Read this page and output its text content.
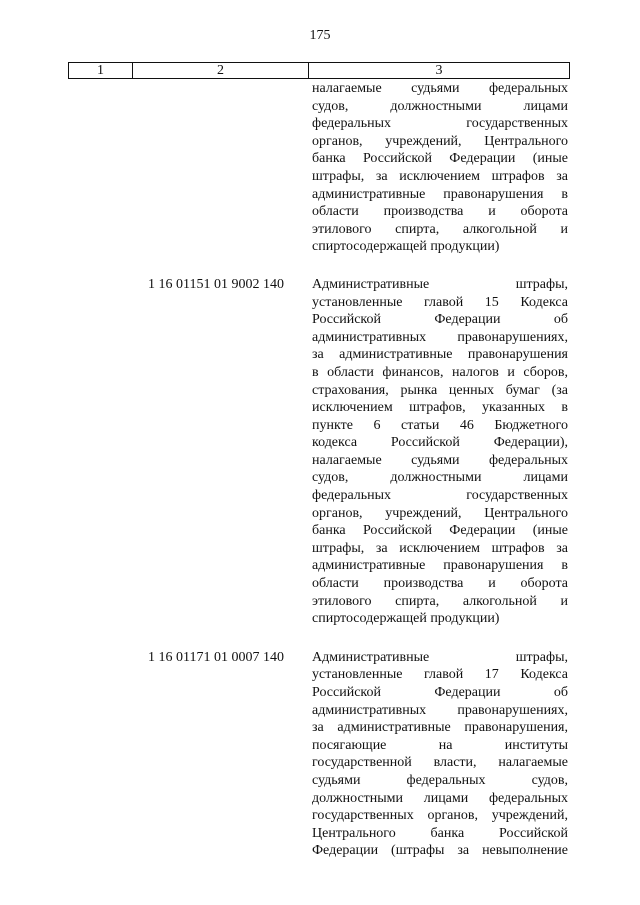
175
1	2	3
налагаемые судьями федеральных
судов, должностными лицами
федеральных государственных
органов, учреждений, Центрального
банка Российской Федерации (иные
штрафы, за исключением штрафов за
административные правонарушения в
области производства и оборота
этилового спирта, алкогольной и
спиртосодержащей продукции)
1 16 01151 01 9002 140	Административные штрафы,
установленные главой 15 Кодекса
Российской Федерации об
административных правонарушениях,
за административные правонарушения
в области финансов, налогов и сборов,
страхования, рынка ценных бумаг (за
исключением штрафов, указанных в
пункте 6 статьи 46 Бюджетного
кодекса Российской Федерации),
налагаемые судьями федеральных
судов, должностными лицами
федеральных государственных
органов, учреждений, Центрального
банка Российской Федерации (иные
штрафы, за исключением штрафов за
административные правонарушения в
области производства и оборота
этилового спирта, алкогольной и
спиртосодержащей продукции)
1 16 01171 01 0007 140	Административные штрафы,
установленные главой 17 Кодекса
Российской Федерации об
административных правонарушениях,
за административные правонарушения,
посягающие на институты
государственной власти, налагаемые
судьями федеральных судов,
должностными лицами федеральных
государственных органов, учреждений,
Центрального банка Российской
Федерации (штрафы за невыполнение
